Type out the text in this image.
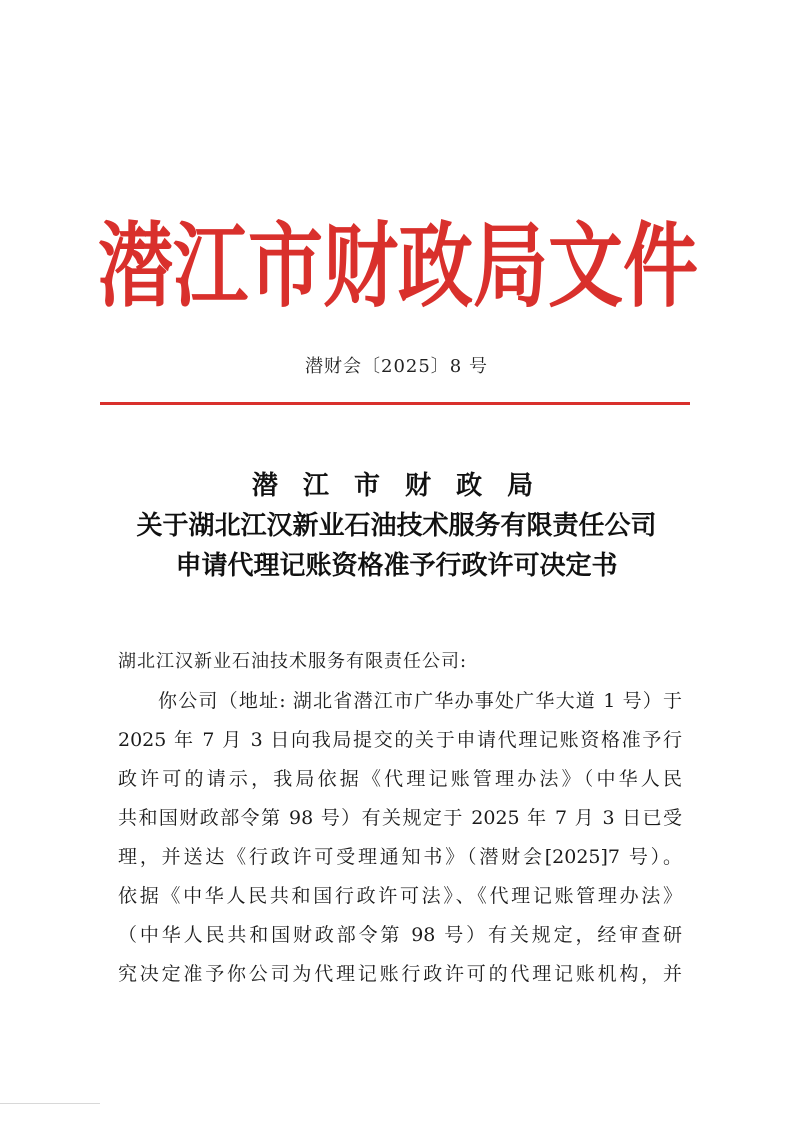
潜江市财政局文件
潜财会〔2025〕8 号
潜 江 市 财 政 局
关于湖北江汉新业石油技术服务有限责任公司
申请代理记账资格准予行政许可决定书
湖北江汉新业石油技术服务有限责任公司:
你公司（地址: 湖北省潜江市广华办事处广华大道 1 号）于
2025 年 7 月 3 日向我局提交的关于申请代理记账资格准予行
政许可的请示，我局依据《代理记账管理办法》（中华人民
共和国财政部令第 98 号）有关规定于 2025 年 7 月 3 日已受
理，并送达《行政许可受理通知书》（潜财会[2025]7 号）。
依据《中华人民共和国行政许可法》、《代理记账管理办法》
（中华人民共和国财政部令第 98 号）有关规定，经审查研
究决定准予你公司为代理记账行政许可的代理记账机构，并
